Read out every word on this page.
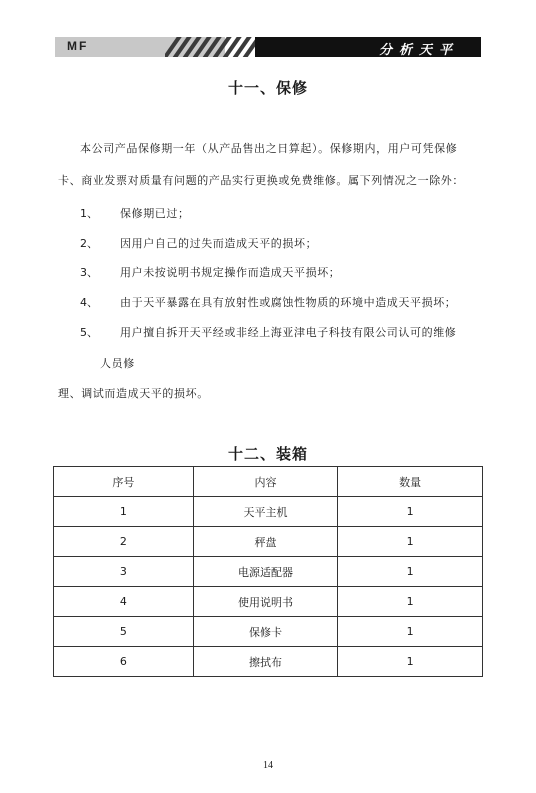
MF	分析天平
十一、保修
本公司产品保修期一年（从产品售出之日算起）。保修期内，用户可凭保修
卡、商业发票对质量有问题的产品实行更换或免费维修。属下列情况之一除外：
1、 保修期已过；
2、 因用户自己的过失而造成天平的损坏；
3、 用户未按说明书规定操作而造成天平损坏；
4、 由于天平暴露在具有放射性或腐蚀性物质的环境中造成天平损坏；
5、 用户擅自拆开天平经或非经上海亚津电子科技有限公司认可的维修
人员修
理、调试而造成天平的损坏。
十二、装箱
序号	内容	数量
1	天平主机	1
2	秤盘	1
3	电源适配器	1
4	使用说明书	1
5	保修卡	1
6	擦拭布	1
14
